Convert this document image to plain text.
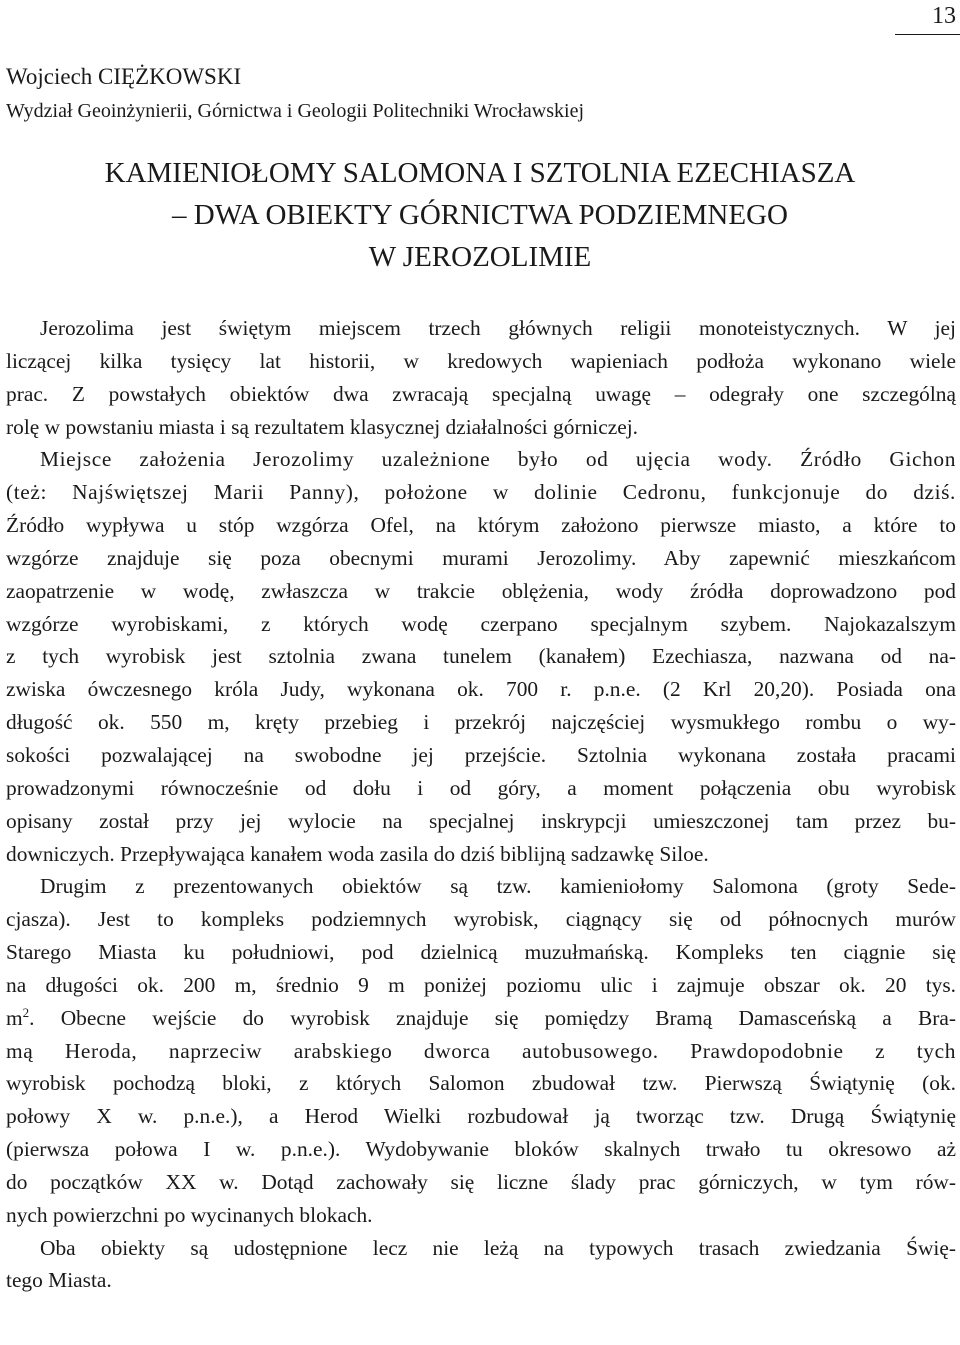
13
Wojciech CIĘŻKOWSKI
Wydział Geoinżynierii, Górnictwa i Geologii Politechniki Wrocławskiej
KAMIENIOŁOMY SALOMONA I SZTOLNIA EZECHIASZA
– DWA OBIEKTY GÓRNICTWA PODZIEMNEGO
W JEROZOLIMIE
Jerozolima jest świętym miejscem trzech głównych religii monoteistycznych. W jej
liczącej kilka tysięcy lat historii, w kredowych wapieniach podłoża wykonano wiele
prac. Z powstałych obiektów dwa zwracają specjalną uwagę – odegrały one szczególną
rolę w powstaniu miasta i są rezultatem klasycznej działalności górniczej.
Miejsce założenia Jerozolimy uzależnione było od ujęcia wody. Źródło Gichon
(też: Najświętszej Marii Panny), położone w dolinie Cedronu, funkcjonuje do dziś.
Źródło wypływa u stóp wzgórza Ofel, na którym założono pierwsze miasto, a które to
wzgórze znajduje się poza obecnymi murami Jerozolimy. Aby zapewnić mieszkańcom
zaopatrzenie w wodę, zwłaszcza w trakcie oblężenia, wody źródła doprowadzono pod
wzgórze wyrobiskami, z których wodę czerpano specjalnym szybem. Najokazalszym
z tych wyrobisk jest sztolnia zwana tunelem (kanałem) Ezechiasza, nazwana od na-
zwiska ówczesnego króla Judy, wykonana ok. 700 r. p.n.e. (2 Krl 20,20). Posiada ona
długość ok. 550 m, kręty przebieg i przekrój najczęściej wysmukłego rombu o wy-
sokości pozwalającej na swobodne jej przejście. Sztolnia wykonana została pracami
prowadzonymi równocześnie od dołu i od góry, a moment połączenia obu wyrobisk
opisany został przy jej wylocie na specjalnej inskrypcji umieszczonej tam przez bu-
downiczych. Przepływająca kanałem woda zasila do dziś biblijną sadzawkę Siloe.
Drugim z prezentowanych obiektów są tzw. kamieniołomy Salomona (groty Sede-
cjasza). Jest to kompleks podziemnych wyrobisk, ciągnący się od północnych murów
Starego Miasta ku południowi, pod dzielnicą muzułmańską. Kompleks ten ciągnie się
na długości ok. 200 m, średnio 9 m poniżej poziomu ulic i zajmuje obszar ok. 20 tys.
$m^2$. Obecne wejście do wyrobisk znajduje się pomiędzy Bramą Damasceńską a Bra-
mą Heroda, naprzeciw arabskiego dworca autobusowego. Prawdopodobnie z tych
wyrobisk pochodzą bloki, z których Salomon zbudował tzw. Pierwszą Świątynię (ok.
połowy X w. p.n.e.), a Herod Wielki rozbudował ją tworząc tzw. Drugą Świątynię
(pierwsza połowa I w. p.n.e.). Wydobywanie bloków skalnych trwało tu okresowo aż
do początków XX w. Dotąd zachowały się liczne ślady prac górniczych, w tym rów-
nych powierzchni po wycinanych blokach.
Oba obiekty są udostępnione lecz nie leżą na typowych trasach zwiedzania Świę-
tego Miasta.
